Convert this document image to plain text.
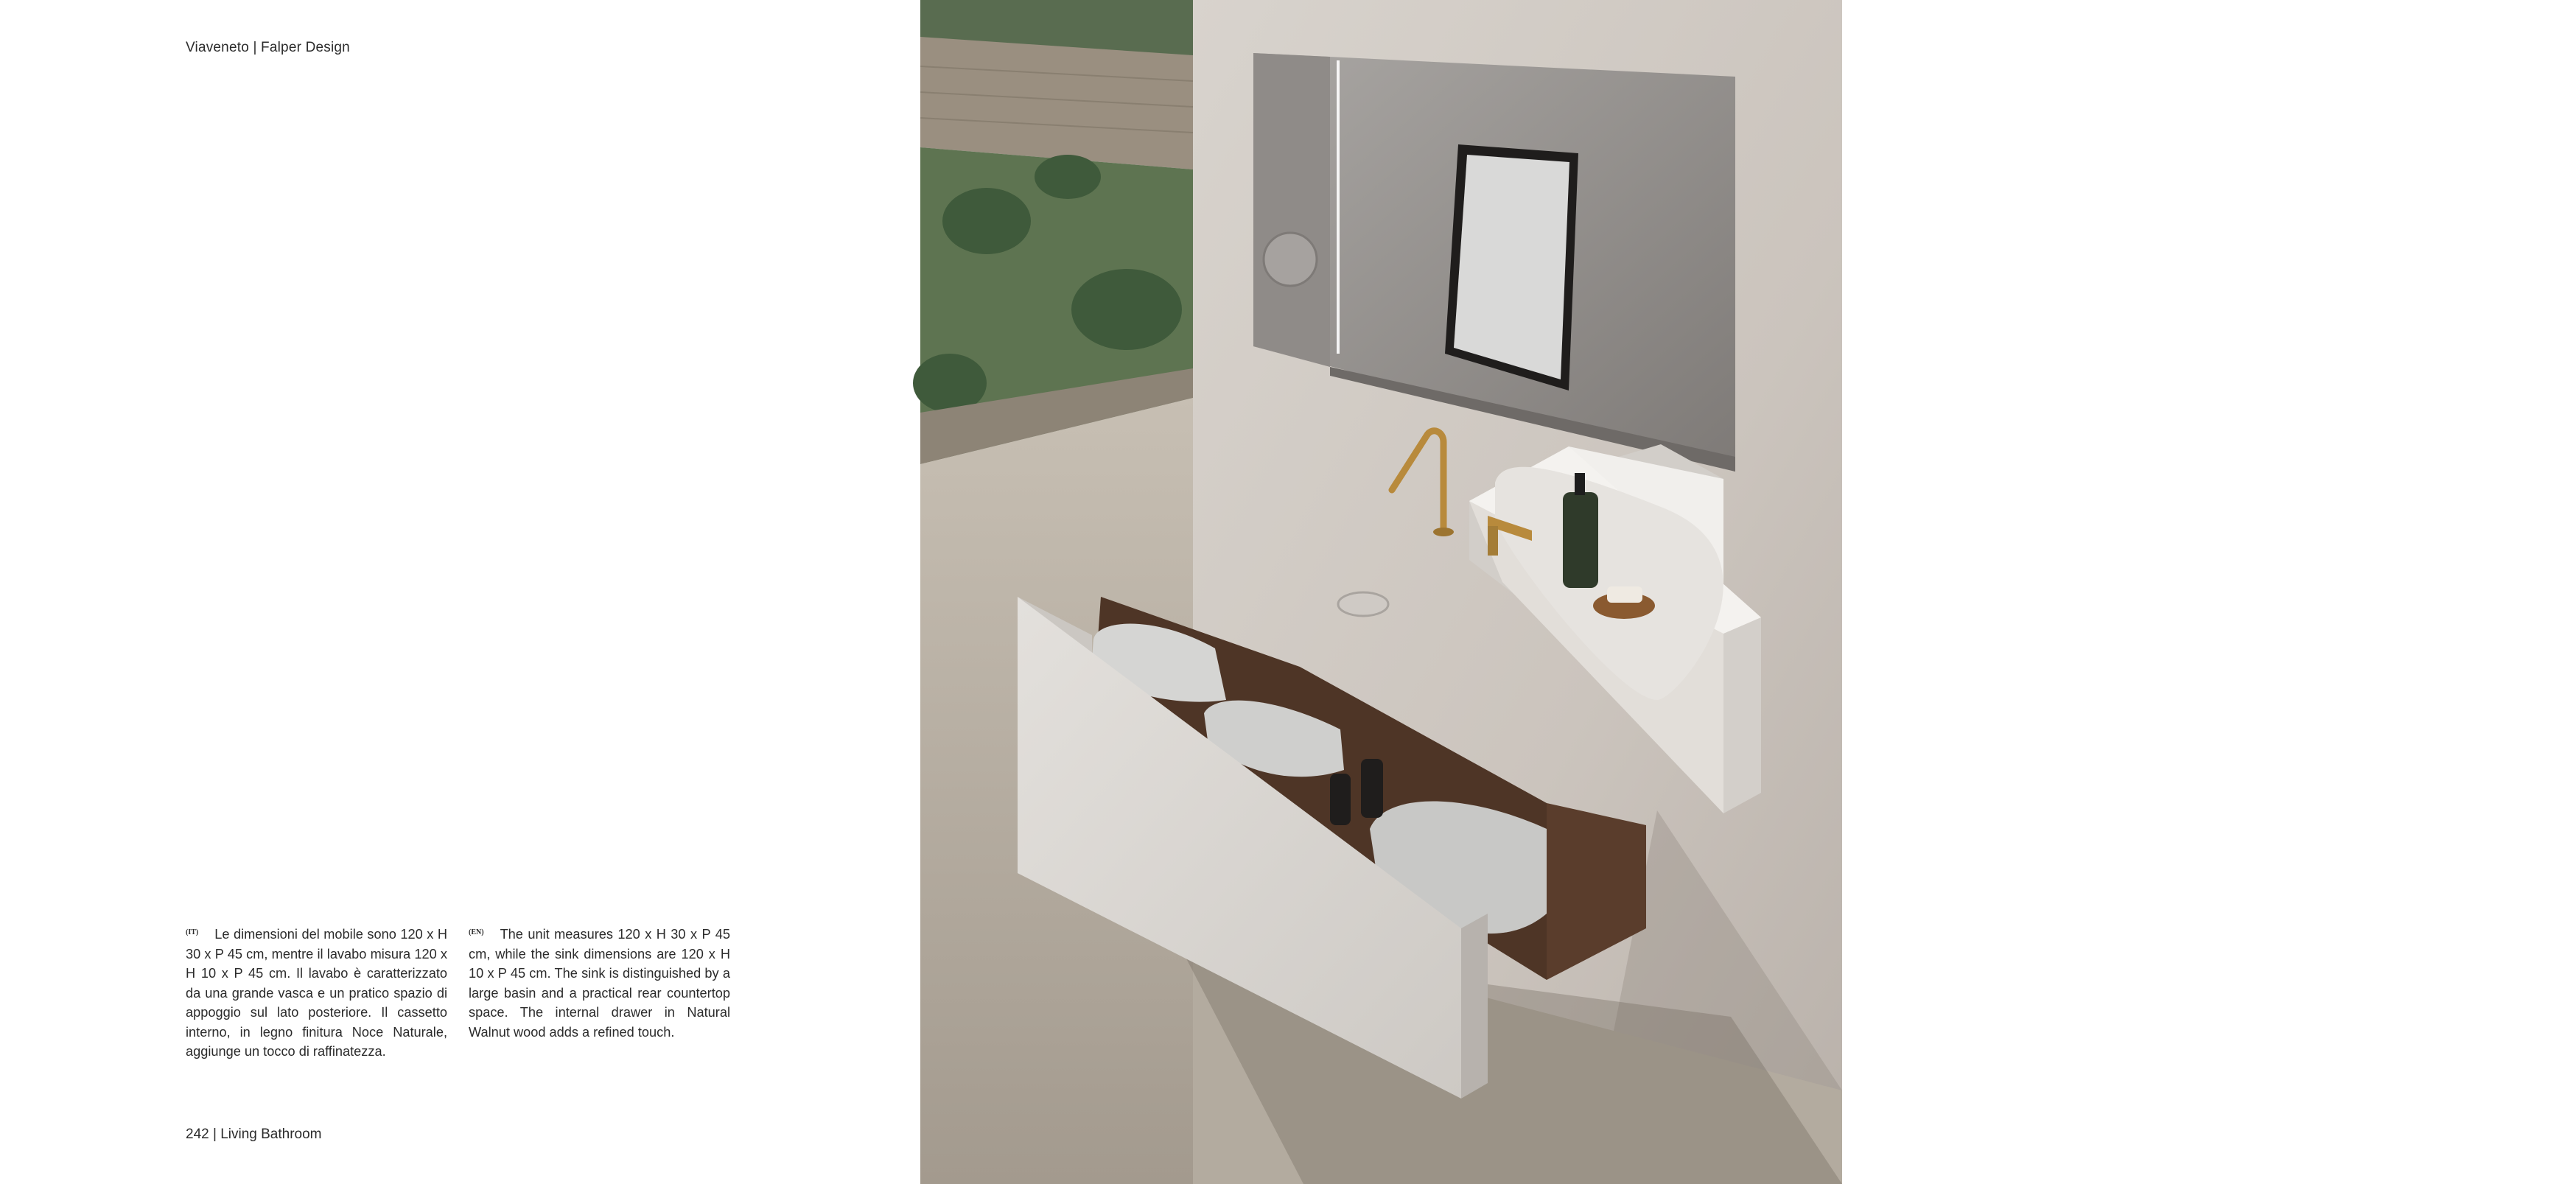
Viaveneto | Falper Design
$^{(IT)}$ Le dimensioni del mobile sono 120 x H 30 x P 45 cm, mentre il lavabo misura 120 x H 10 x P 45 cm. Il lavabo è caratterizzato da una grande vasca e un pratico spazio di appoggio sul lato posteriore. Il cassetto interno, in legno finitura Noce Naturale, aggiunge un tocco di raffinatezza.
$^{(EN)}$ The unit measures 120 x H 30 x P 45 cm, while the sink dimensions are 120 x H 10 x P 45 cm. The sink is distinguished by a large basin and a practical rear countertop space. The internal drawer in Natural Walnut wood adds a refined touch.
242 | Living Bathroom	243
